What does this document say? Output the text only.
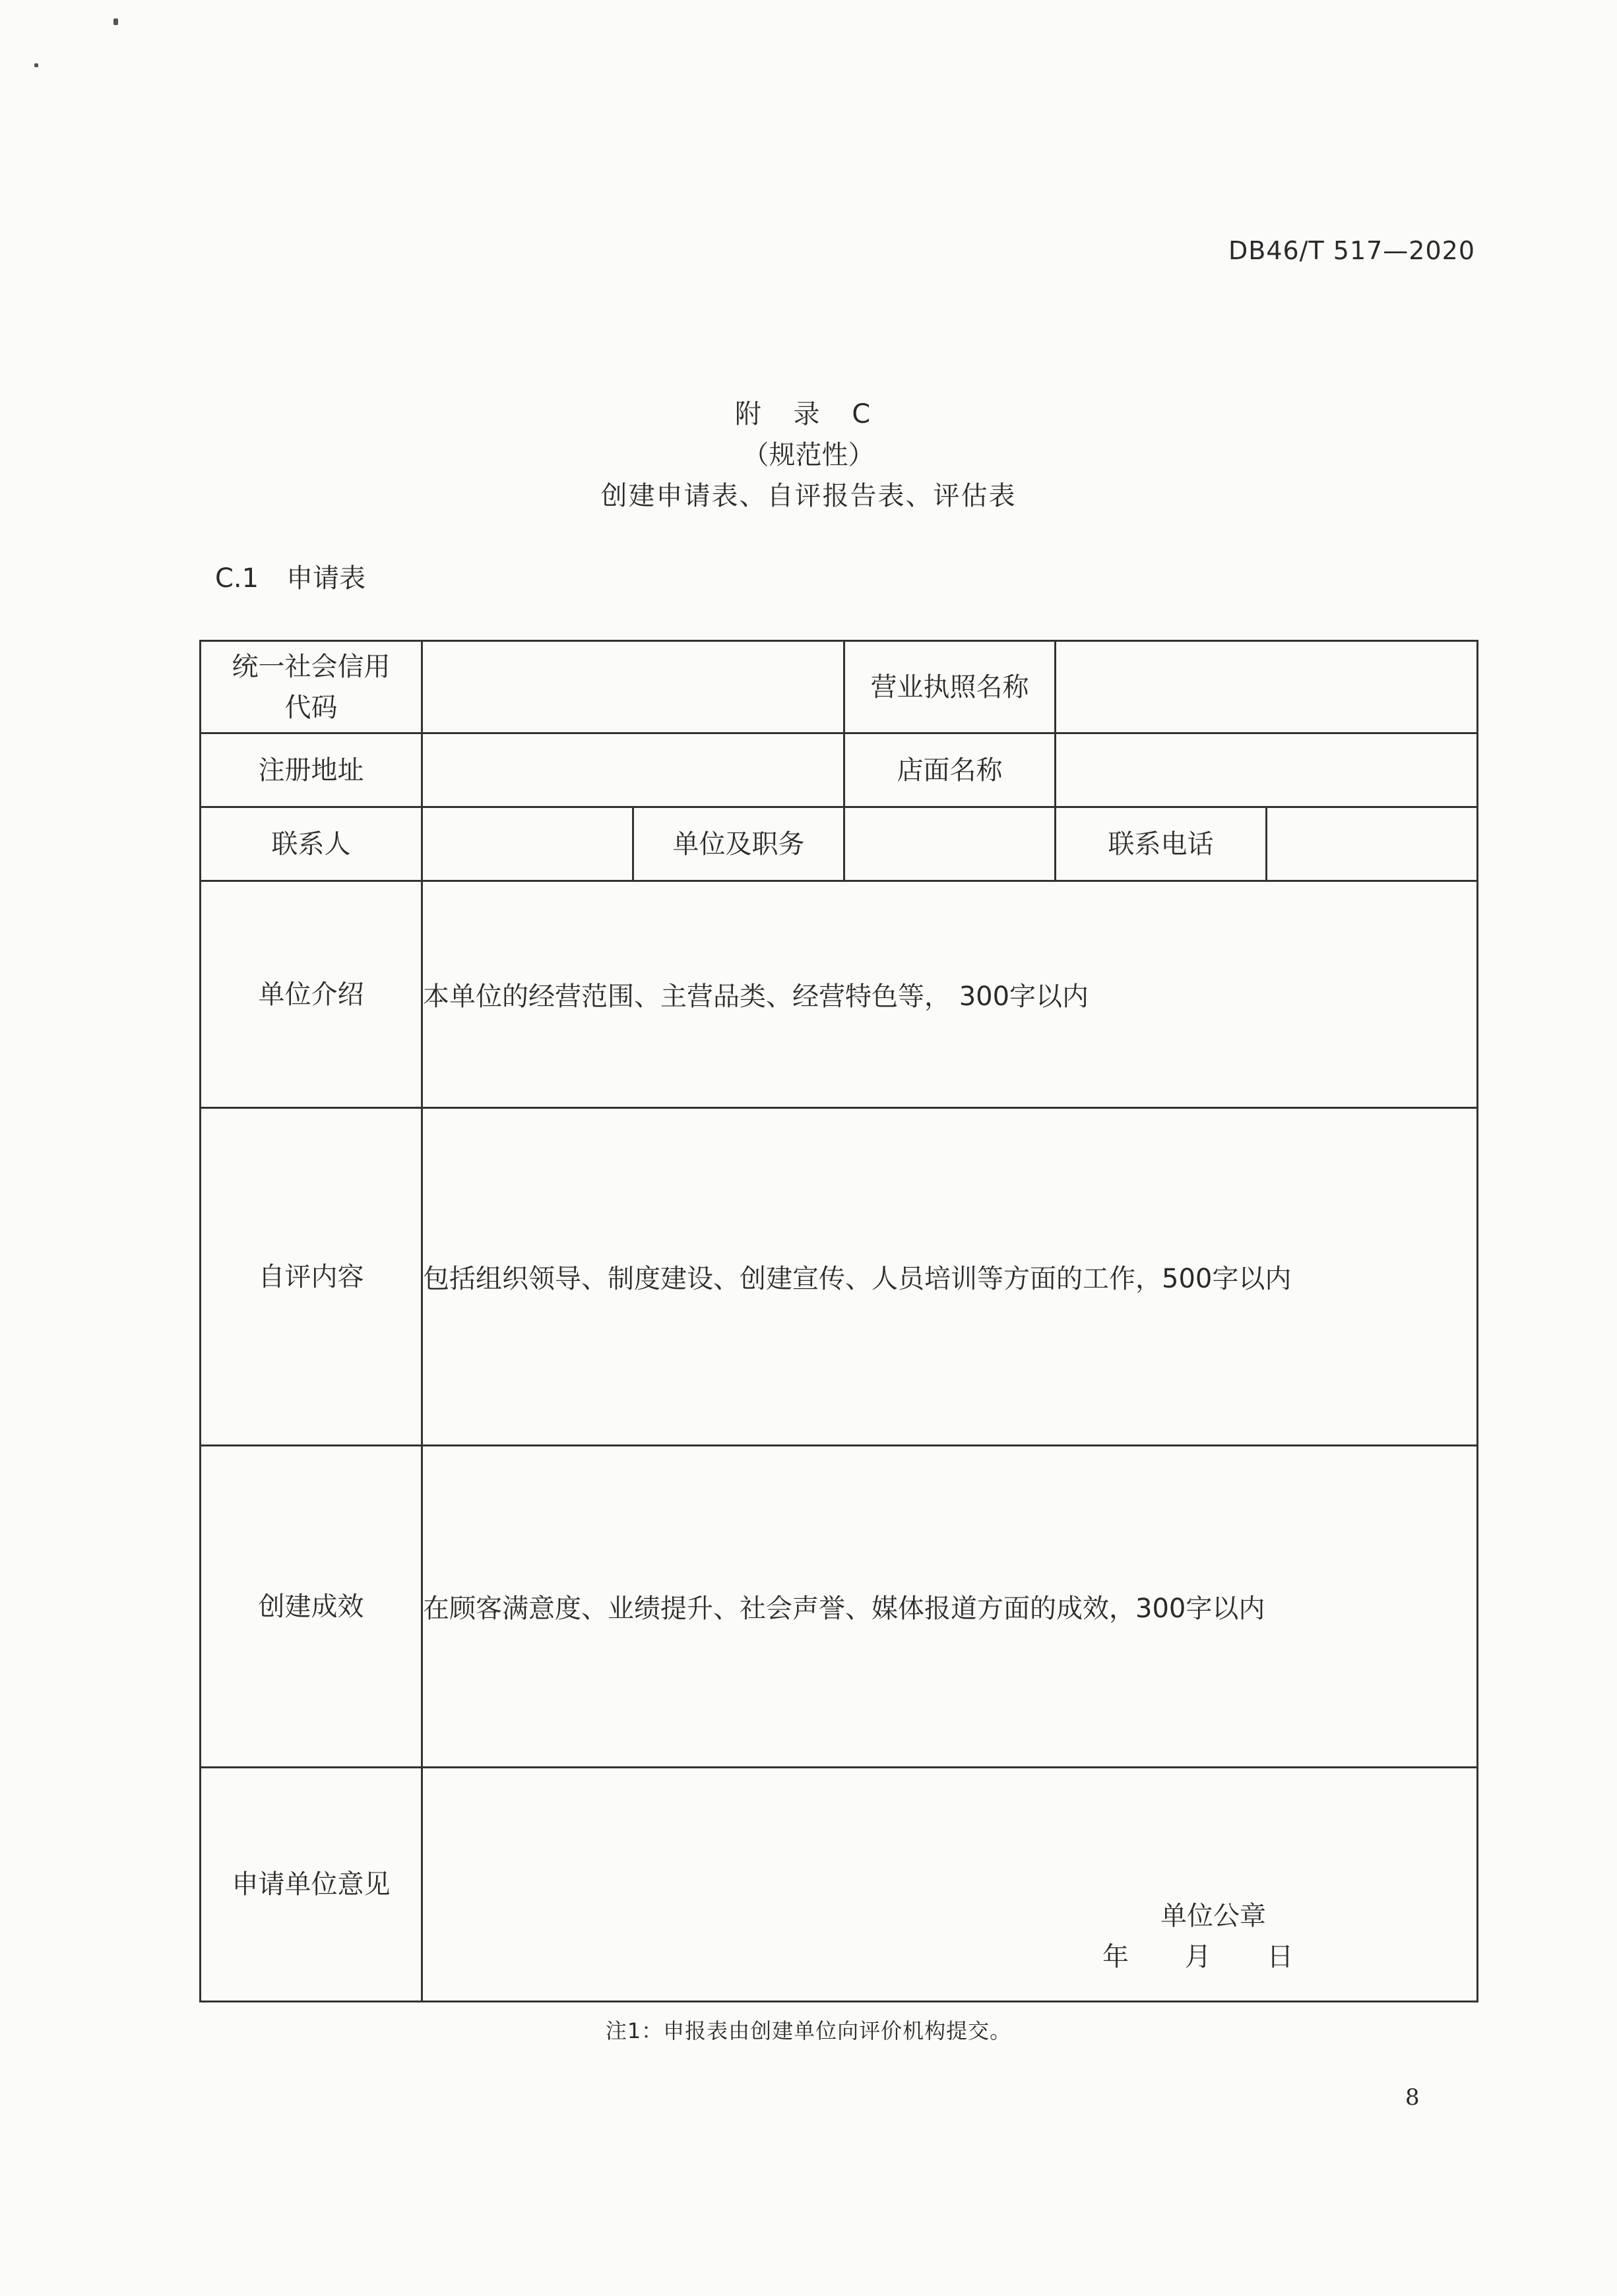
DB46/T 517—2020
附 录 C
（规范性）
创建申请表、自评报告表、评估表
C.1 申请表
统一社会信用代码			营业执照名称		
注册地址			店面名称		
联系人		单位及职务		联系电话	
单位介绍	本单位的经营范围、主营品类、经营特色等， 300字以内				
自评内容	包括组织领导、制度建设、创建宣传、人员培训等方面的工作，500字以内				
创建成效	在顾客满意度、业绩提升、社会声誉、媒体报道方面的成效，300字以内				
申请单位意见	单位公章
年 月 日				
注1：申报表由创建单位向评价机构提交。
8
